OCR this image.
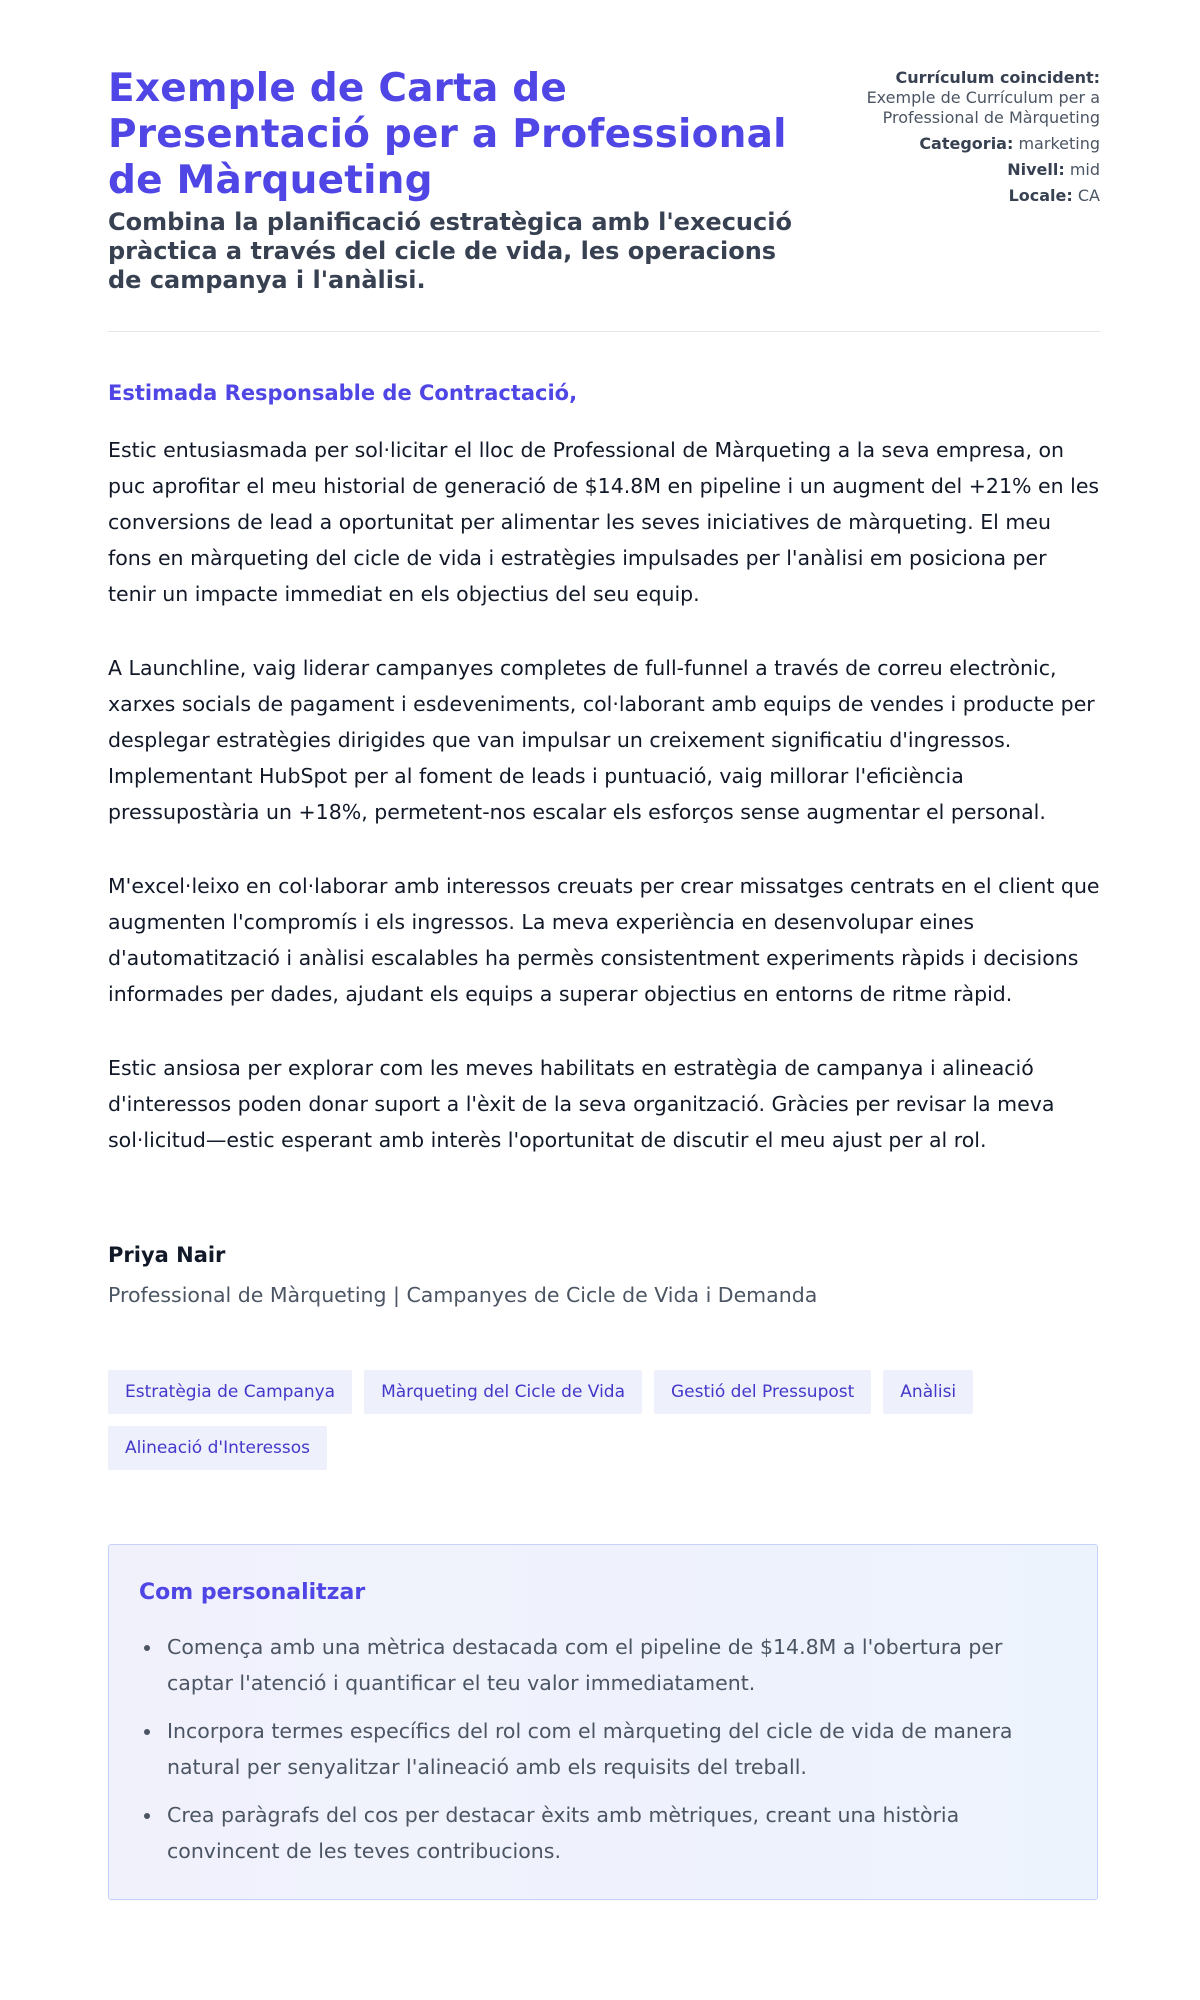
Exemple de Carta de Presentació per a Professional de Màrqueting

Combina la planificació estratègica amb l'execució pràctica a través del cicle de vida, les operacions de campanya i l'anàlisi.

Currículum coincident:
Exemple de Currículum per a Professional de Màrqueting
Categoria: marketing
Nivell: mid
Locale: CA

Estimada Responsable de Contractació,

Estic entusiasmada per sol·licitar el lloc de Professional de Màrqueting a la seva empresa, on puc aprofitar el meu historial de generació de $14.8M en pipeline i un augment del +21% en les conversions de lead a oportunitat per alimentar les seves iniciatives de màrqueting. El meu fons en màrqueting del cicle de vida i estratègies impulsades per l'anàlisi em posiciona per tenir un impacte immediat en els objectius del seu equip.

A Launchline, vaig liderar campanyes completes de full-funnel a través de correu electrònic, xarxes socials de pagament i esdeveniments, col·laborant amb equips de vendes i producte per desplegar estratègies dirigides que van impulsar un creixement significatiu d'ingressos. Implementant HubSpot per al foment de leads i puntuació, vaig millorar l'eficiència pressupostària un +18%, permetent-nos escalar els esforços sense augmentar el personal.

M'excel·leixo en col·laborar amb interessos creuats per crear missatges centrats en el client que augmenten l'compromís i els ingressos. La meva experiència en desenvolupar eines d'automatització i anàlisi escalables ha permès consistentment experiments ràpids i decisions informades per dades, ajudant els equips a superar objectius en entorns de ritme ràpid.

Estic ansiosa per explorar com les meves habilitats en estratègia de campanya i alineació d'interessos poden donar suport a l'èxit de la seva organització. Gràcies per revisar la meva sol·licitud—estic esperant amb interès l'oportunitat de discutir el meu ajust per al rol.

Priya Nair
Professional de Màrqueting | Campanyes de Cicle de Vida i Demanda
Estratègia de Campanya	Màrqueting del Cicle de Vida	Gestió del Pressupost	Anàlisi
Alineació d'Interessos
Com personalitzar
• Comença amb una mètrica destacada com el pipeline de $14.8M a l'obertura per captar l'atenció i quantificar el teu valor immediatament.
• Incorpora termes específics del rol com el màrqueting del cicle de vida de manera natural per senyalitzar l'alineació amb els requisits del treball.
• Crea paràgrafs del cos per destacar èxits amb mètriques, creant una història convincent de les teves contribucions.
